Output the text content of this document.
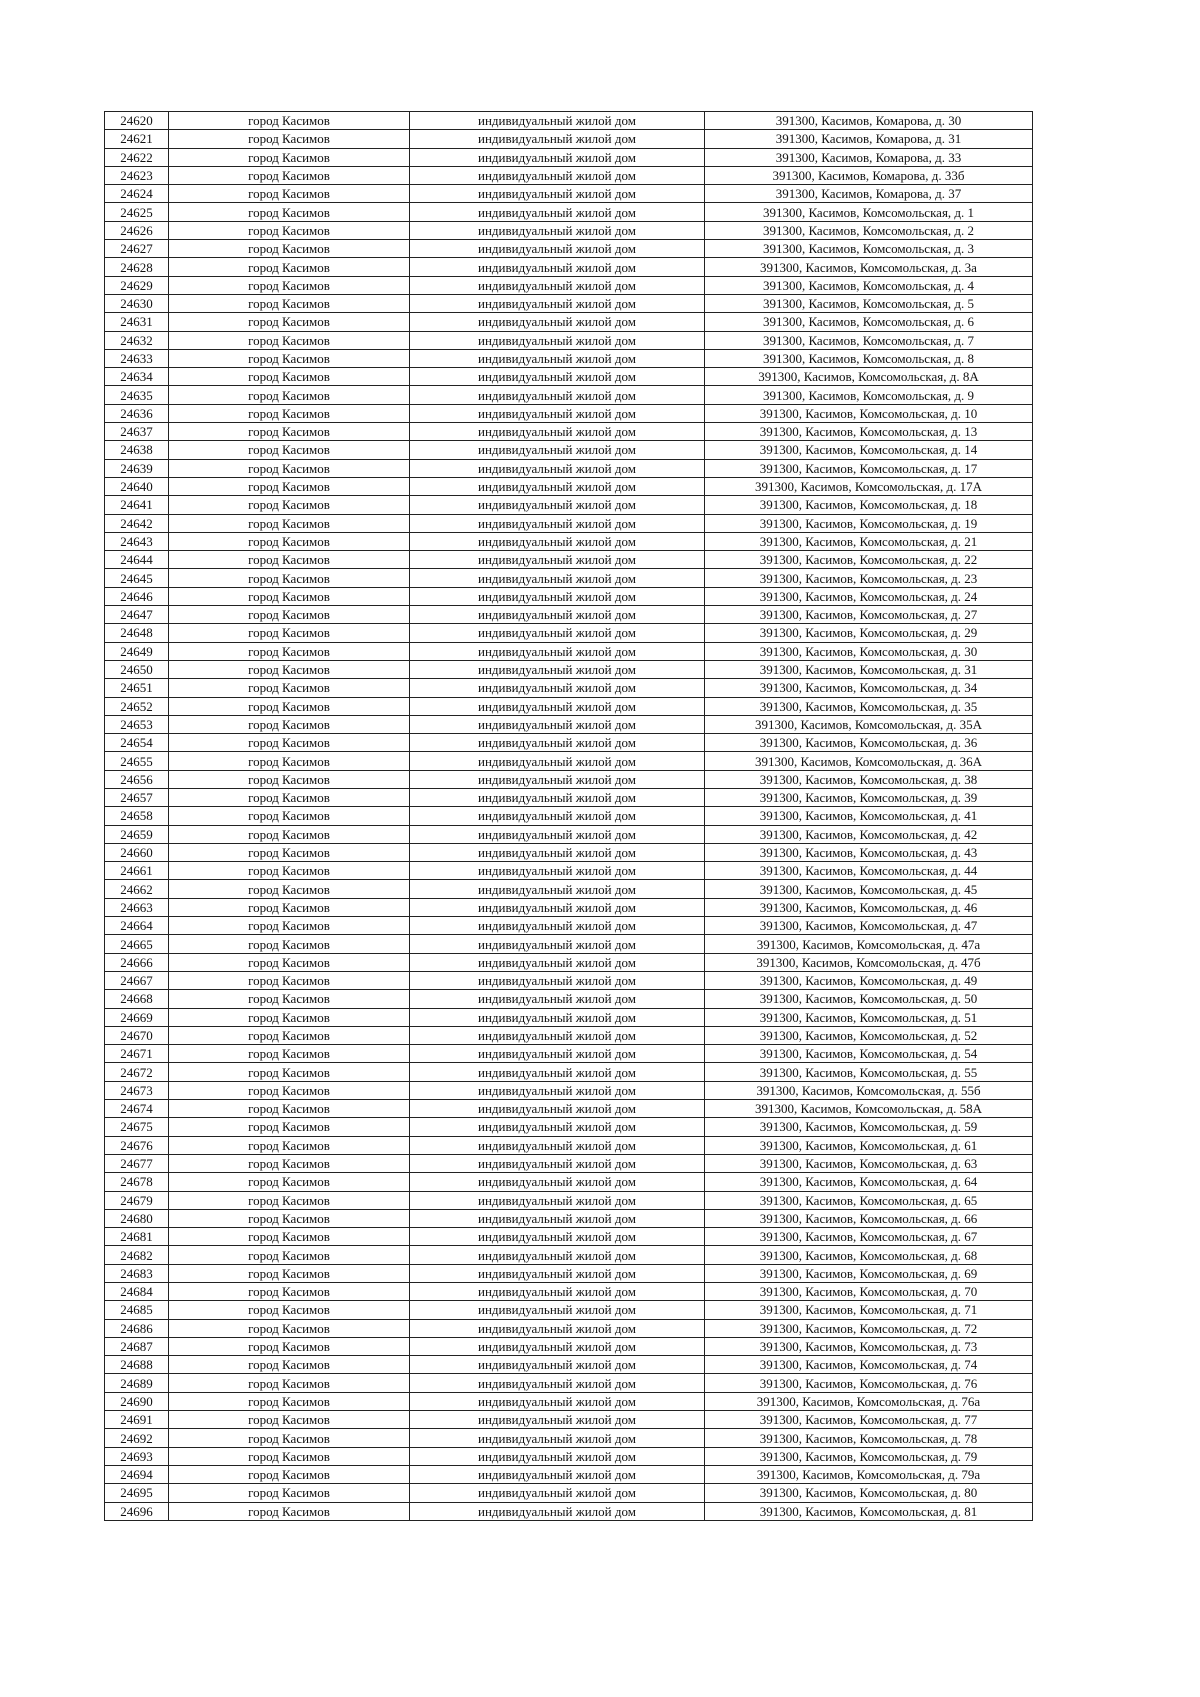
24620	город Касимов	индивидуальный жилой дом	391300, Касимов, Комарова, д. 30
24621	город Касимов	индивидуальный жилой дом	391300, Касимов, Комарова, д. 31
24622	город Касимов	индивидуальный жилой дом	391300, Касимов, Комарова, д. 33
24623	город Касимов	индивидуальный жилой дом	391300, Касимов, Комарова, д. 33б
24624	город Касимов	индивидуальный жилой дом	391300, Касимов, Комарова, д. 37
24625	город Касимов	индивидуальный жилой дом	391300, Касимов, Комсомольская, д. 1
24626	город Касимов	индивидуальный жилой дом	391300, Касимов, Комсомольская, д. 2
24627	город Касимов	индивидуальный жилой дом	391300, Касимов, Комсомольская, д. 3
24628	город Касимов	индивидуальный жилой дом	391300, Касимов, Комсомольская, д. 3а
24629	город Касимов	индивидуальный жилой дом	391300, Касимов, Комсомольская, д. 4
24630	город Касимов	индивидуальный жилой дом	391300, Касимов, Комсомольская, д. 5
24631	город Касимов	индивидуальный жилой дом	391300, Касимов, Комсомольская, д. 6
24632	город Касимов	индивидуальный жилой дом	391300, Касимов, Комсомольская, д. 7
24633	город Касимов	индивидуальный жилой дом	391300, Касимов, Комсомольская, д. 8
24634	город Касимов	индивидуальный жилой дом	391300, Касимов, Комсомольская, д. 8А
24635	город Касимов	индивидуальный жилой дом	391300, Касимов, Комсомольская, д. 9
24636	город Касимов	индивидуальный жилой дом	391300, Касимов, Комсомольская, д. 10
24637	город Касимов	индивидуальный жилой дом	391300, Касимов, Комсомольская, д. 13
24638	город Касимов	индивидуальный жилой дом	391300, Касимов, Комсомольская, д. 14
24639	город Касимов	индивидуальный жилой дом	391300, Касимов, Комсомольская, д. 17
24640	город Касимов	индивидуальный жилой дом	391300, Касимов, Комсомольская, д. 17А
24641	город Касимов	индивидуальный жилой дом	391300, Касимов, Комсомольская, д. 18
24642	город Касимов	индивидуальный жилой дом	391300, Касимов, Комсомольская, д. 19
24643	город Касимов	индивидуальный жилой дом	391300, Касимов, Комсомольская, д. 21
24644	город Касимов	индивидуальный жилой дом	391300, Касимов, Комсомольская, д. 22
24645	город Касимов	индивидуальный жилой дом	391300, Касимов, Комсомольская, д. 23
24646	город Касимов	индивидуальный жилой дом	391300, Касимов, Комсомольская, д. 24
24647	город Касимов	индивидуальный жилой дом	391300, Касимов, Комсомольская, д. 27
24648	город Касимов	индивидуальный жилой дом	391300, Касимов, Комсомольская, д. 29
24649	город Касимов	индивидуальный жилой дом	391300, Касимов, Комсомольская, д. 30
24650	город Касимов	индивидуальный жилой дом	391300, Касимов, Комсомольская, д. 31
24651	город Касимов	индивидуальный жилой дом	391300, Касимов, Комсомольская, д. 34
24652	город Касимов	индивидуальный жилой дом	391300, Касимов, Комсомольская, д. 35
24653	город Касимов	индивидуальный жилой дом	391300, Касимов, Комсомольская, д. 35А
24654	город Касимов	индивидуальный жилой дом	391300, Касимов, Комсомольская, д. 36
24655	город Касимов	индивидуальный жилой дом	391300, Касимов, Комсомольская, д. 36А
24656	город Касимов	индивидуальный жилой дом	391300, Касимов, Комсомольская, д. 38
24657	город Касимов	индивидуальный жилой дом	391300, Касимов, Комсомольская, д. 39
24658	город Касимов	индивидуальный жилой дом	391300, Касимов, Комсомольская, д. 41
24659	город Касимов	индивидуальный жилой дом	391300, Касимов, Комсомольская, д. 42
24660	город Касимов	индивидуальный жилой дом	391300, Касимов, Комсомольская, д. 43
24661	город Касимов	индивидуальный жилой дом	391300, Касимов, Комсомольская, д. 44
24662	город Касимов	индивидуальный жилой дом	391300, Касимов, Комсомольская, д. 45
24663	город Касимов	индивидуальный жилой дом	391300, Касимов, Комсомольская, д. 46
24664	город Касимов	индивидуальный жилой дом	391300, Касимов, Комсомольская, д. 47
24665	город Касимов	индивидуальный жилой дом	391300, Касимов, Комсомольская, д. 47а
24666	город Касимов	индивидуальный жилой дом	391300, Касимов, Комсомольская, д. 47б
24667	город Касимов	индивидуальный жилой дом	391300, Касимов, Комсомольская, д. 49
24668	город Касимов	индивидуальный жилой дом	391300, Касимов, Комсомольская, д. 50
24669	город Касимов	индивидуальный жилой дом	391300, Касимов, Комсомольская, д. 51
24670	город Касимов	индивидуальный жилой дом	391300, Касимов, Комсомольская, д. 52
24671	город Касимов	индивидуальный жилой дом	391300, Касимов, Комсомольская, д. 54
24672	город Касимов	индивидуальный жилой дом	391300, Касимов, Комсомольская, д. 55
24673	город Касимов	индивидуальный жилой дом	391300, Касимов, Комсомольская, д. 55б
24674	город Касимов	индивидуальный жилой дом	391300, Касимов, Комсомольская, д. 58А
24675	город Касимов	индивидуальный жилой дом	391300, Касимов, Комсомольская, д. 59
24676	город Касимов	индивидуальный жилой дом	391300, Касимов, Комсомольская, д. 61
24677	город Касимов	индивидуальный жилой дом	391300, Касимов, Комсомольская, д. 63
24678	город Касимов	индивидуальный жилой дом	391300, Касимов, Комсомольская, д. 64
24679	город Касимов	индивидуальный жилой дом	391300, Касимов, Комсомольская, д. 65
24680	город Касимов	индивидуальный жилой дом	391300, Касимов, Комсомольская, д. 66
24681	город Касимов	индивидуальный жилой дом	391300, Касимов, Комсомольская, д. 67
24682	город Касимов	индивидуальный жилой дом	391300, Касимов, Комсомольская, д. 68
24683	город Касимов	индивидуальный жилой дом	391300, Касимов, Комсомольская, д. 69
24684	город Касимов	индивидуальный жилой дом	391300, Касимов, Комсомольская, д. 70
24685	город Касимов	индивидуальный жилой дом	391300, Касимов, Комсомольская, д. 71
24686	город Касимов	индивидуальный жилой дом	391300, Касимов, Комсомольская, д. 72
24687	город Касимов	индивидуальный жилой дом	391300, Касимов, Комсомольская, д. 73
24688	город Касимов	индивидуальный жилой дом	391300, Касимов, Комсомольская, д. 74
24689	город Касимов	индивидуальный жилой дом	391300, Касимов, Комсомольская, д. 76
24690	город Касимов	индивидуальный жилой дом	391300, Касимов, Комсомольская, д. 76а
24691	город Касимов	индивидуальный жилой дом	391300, Касимов, Комсомольская, д. 77
24692	город Касимов	индивидуальный жилой дом	391300, Касимов, Комсомольская, д. 78
24693	город Касимов	индивидуальный жилой дом	391300, Касимов, Комсомольская, д. 79
24694	город Касимов	индивидуальный жилой дом	391300, Касимов, Комсомольская, д. 79а
24695	город Касимов	индивидуальный жилой дом	391300, Касимов, Комсомольская, д. 80
24696	город Касимов	индивидуальный жилой дом	391300, Касимов, Комсомольская, д. 81
